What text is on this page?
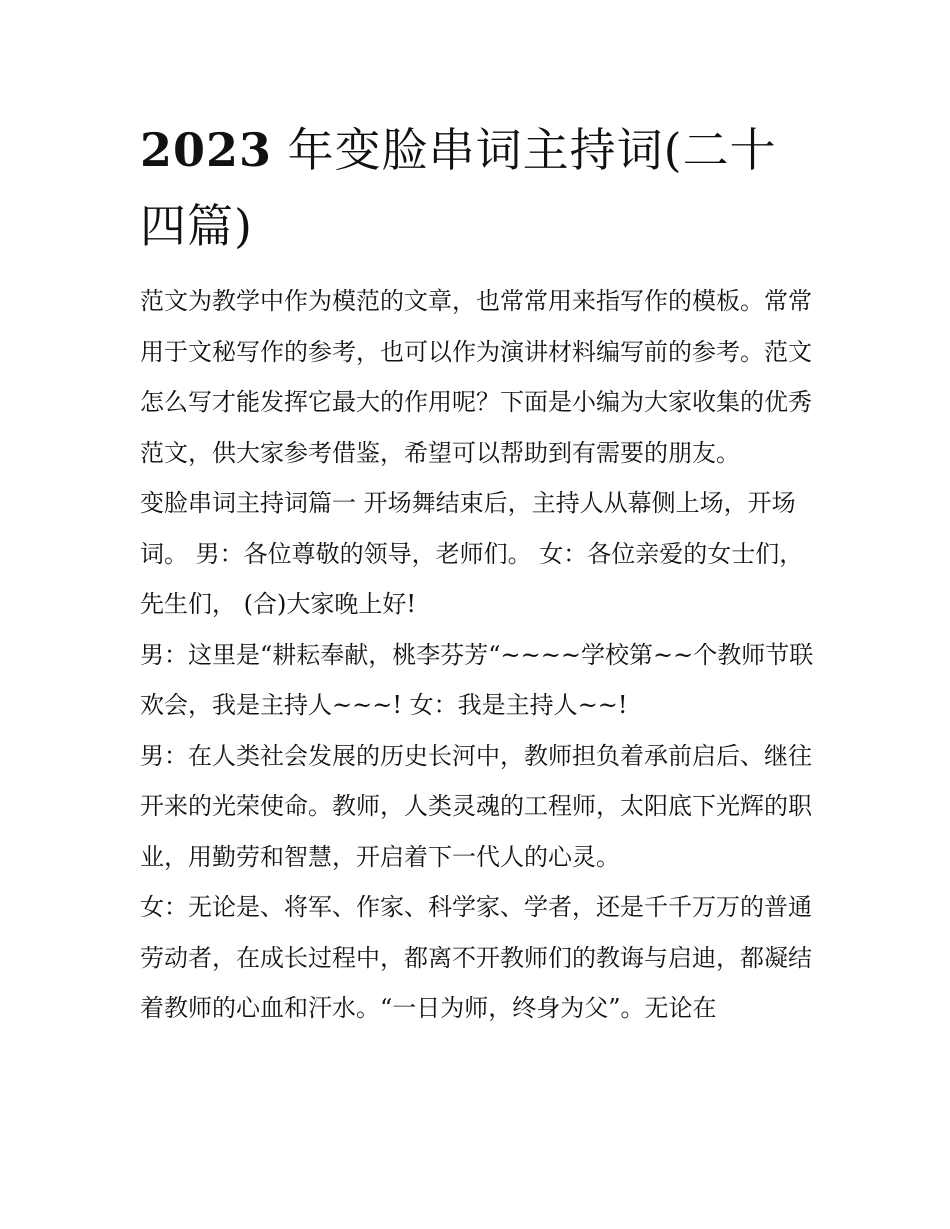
2023 年变脸串词主持词(二十四篇)

范文为教学中作为模范的文章，也常常用来指写作的模板。常常用于文秘写作的参考，也可以作为演讲材料编写前的参考。范文怎么写才能发挥它最大的作用呢？下面是小编为大家收集的优秀范文，供大家参考借鉴，希望可以帮助到有需要的朋友。

变脸串词主持词篇一 开场舞结束后，主持人从幕侧上场，开场词。 男：各位尊敬的领导，老师们。 女：各位亲爱的女士们，先生们， (合)大家晚上好!

男：这里是“耕耘奉献，桃李芬芳“~~~~学校第~~个教师节联欢会，我是主持人~~~! 女：我是主持人~~!

男：在人类社会发展的历史长河中，教师担负着承前启后、继往开来的光荣使命。教师，人类灵魂的工程师，太阳底下光辉的职业，用勤劳和智慧，开启着下一代人的心灵。

女：无论是、将军、作家、科学家、学者，还是千千万万的普通劳动者，在成长过程中，都离不开教师们的教诲与启迪，都凝结着教师的心血和汗水。“一日为师，终身为父”。无论在
